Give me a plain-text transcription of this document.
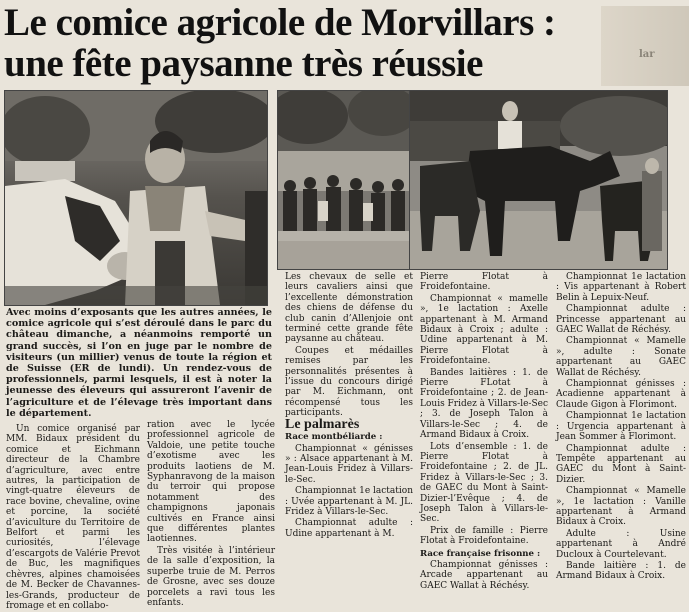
Le comice agricole de Morvillars :
une fête paysanne très réussie	lar

Avec moins d’exposants que les autres années, le comice agricole qui s’est déroulé dans le parc du château dimanche, a néanmoins remporté un grand succès, si l’on en juge par le nombre de visiteurs (un millier) venus de toute la région et de Suisse (ER de lundi). Un rendez-vous de professionnels, parmi lesquels, il est à noter la jeunesse des éleveurs qui assureront l’avenir de l’agriculture et de l’élevage très important dans le département.

Un comice organisé par MM. Bidaux président du comice et Eichmann directeur de la Chambre d’agriculture, avec entre autres, la participation de vingt-quatre éleveurs de race bovine, chevaline, ovine et porcine, la société d’aviculture du Territoire de Belfort et parmi les curiosités, l’élevage d’escargots de Valérie Prevot de Buc, les magnifiques chèvres, alpines chamoisées de M. Becker de Chavannes-les-Grands, producteur de fromage et en collabo-

ration avec le lycée professionnel agricole de Valdoie, une petite touche d’exotisme avec les produits laotiens de M. Syphanravong de la maison du terroir qui propose notamment des champignons japonais cultivés en France ainsi que différentes plantes laotiennes.

Très visitée à l’intérieur de la salle d’exposition, la superbe truie de M. Perros de Grosne, avec ses douze porcelets a ravi tous les enfants.

Les chevaux de selle et leurs cavaliers ainsi que l’excellente démonstration des chiens de défense du club canin d’Allenjoie ont terminé cette grande fête paysanne au château.

Coupes et médailles remises par les personnalités présentes à l’issue du concours dirigé par M. Eichmann, ont récompensé tous les participants.

Le palmarès

Race montbéliarde :

Championnat « génisses » : Alsace appartenant à M. Jean-Louis Fridez à Villars-le-Sec.

Championnat 1e lactation : Uvée appartenant à M. JL. Fridez à Villars-le-Sec.

Championnat adulte : Udine appartenant à M.

Pierre Flotat à Froidefontaine.

Championnat « mamelle », 1e lactation : Axelle appartenant à M. Armand Bidaux à Croix ; adulte : Udine appartenant à M. Pierre Flotat à Froidefontaine.

Bandes laitières : 1. de Pierre FLotat à Froidefontaine ; 2. de Jean-Louis Fridez à Villars-le-Sec ; 3. de Joseph Talon à Villars-le-Sec ; 4. de Armand Bidaux à Croix.

Lots d’ensemble : 1. de Pierre Flotat à Froidefontaine ; 2. de JL. Fridez à Villars-le-Sec ; 3. de GAEC du Mont à Saint-Dizier-l’Evêque ; 4. de Joseph Talon à Villars-le-Sec.

Prix de famille : Pierre Flotat à Froidefontaine.

Race française frisonne :

Championnat génisses : Arcade appartenant au GAEC Wallat à Réchésy.

Championnat 1e lactation : Vis appartenant à Robert Belin à Lepuix-Neuf.

Championnat adulte : Princesse appartenant au GAEC Wallat de Réchésy.

Championnat « Mamelle », adulte : Sonate appartenant au GAEC Wallat de Réchésy.

Championnat génisses : Acadienne appartenant à Claude Gigon à Florimont.

Championnat 1e lactation : Urgencia appartenant à Jean Sommer à Florimont.

Championnat adulte : Tempête appartenant au GAEC du Mont à Saint-Dizier.

Championnat « Mamelle », 1e lactation : Vanille appartenant à Armand Bidaux à Croix.

Adulte : Usine appartenant à André Ducloux à Courtelevant.

Bande laitière : 1. de Armand Bidaux à Croix.
